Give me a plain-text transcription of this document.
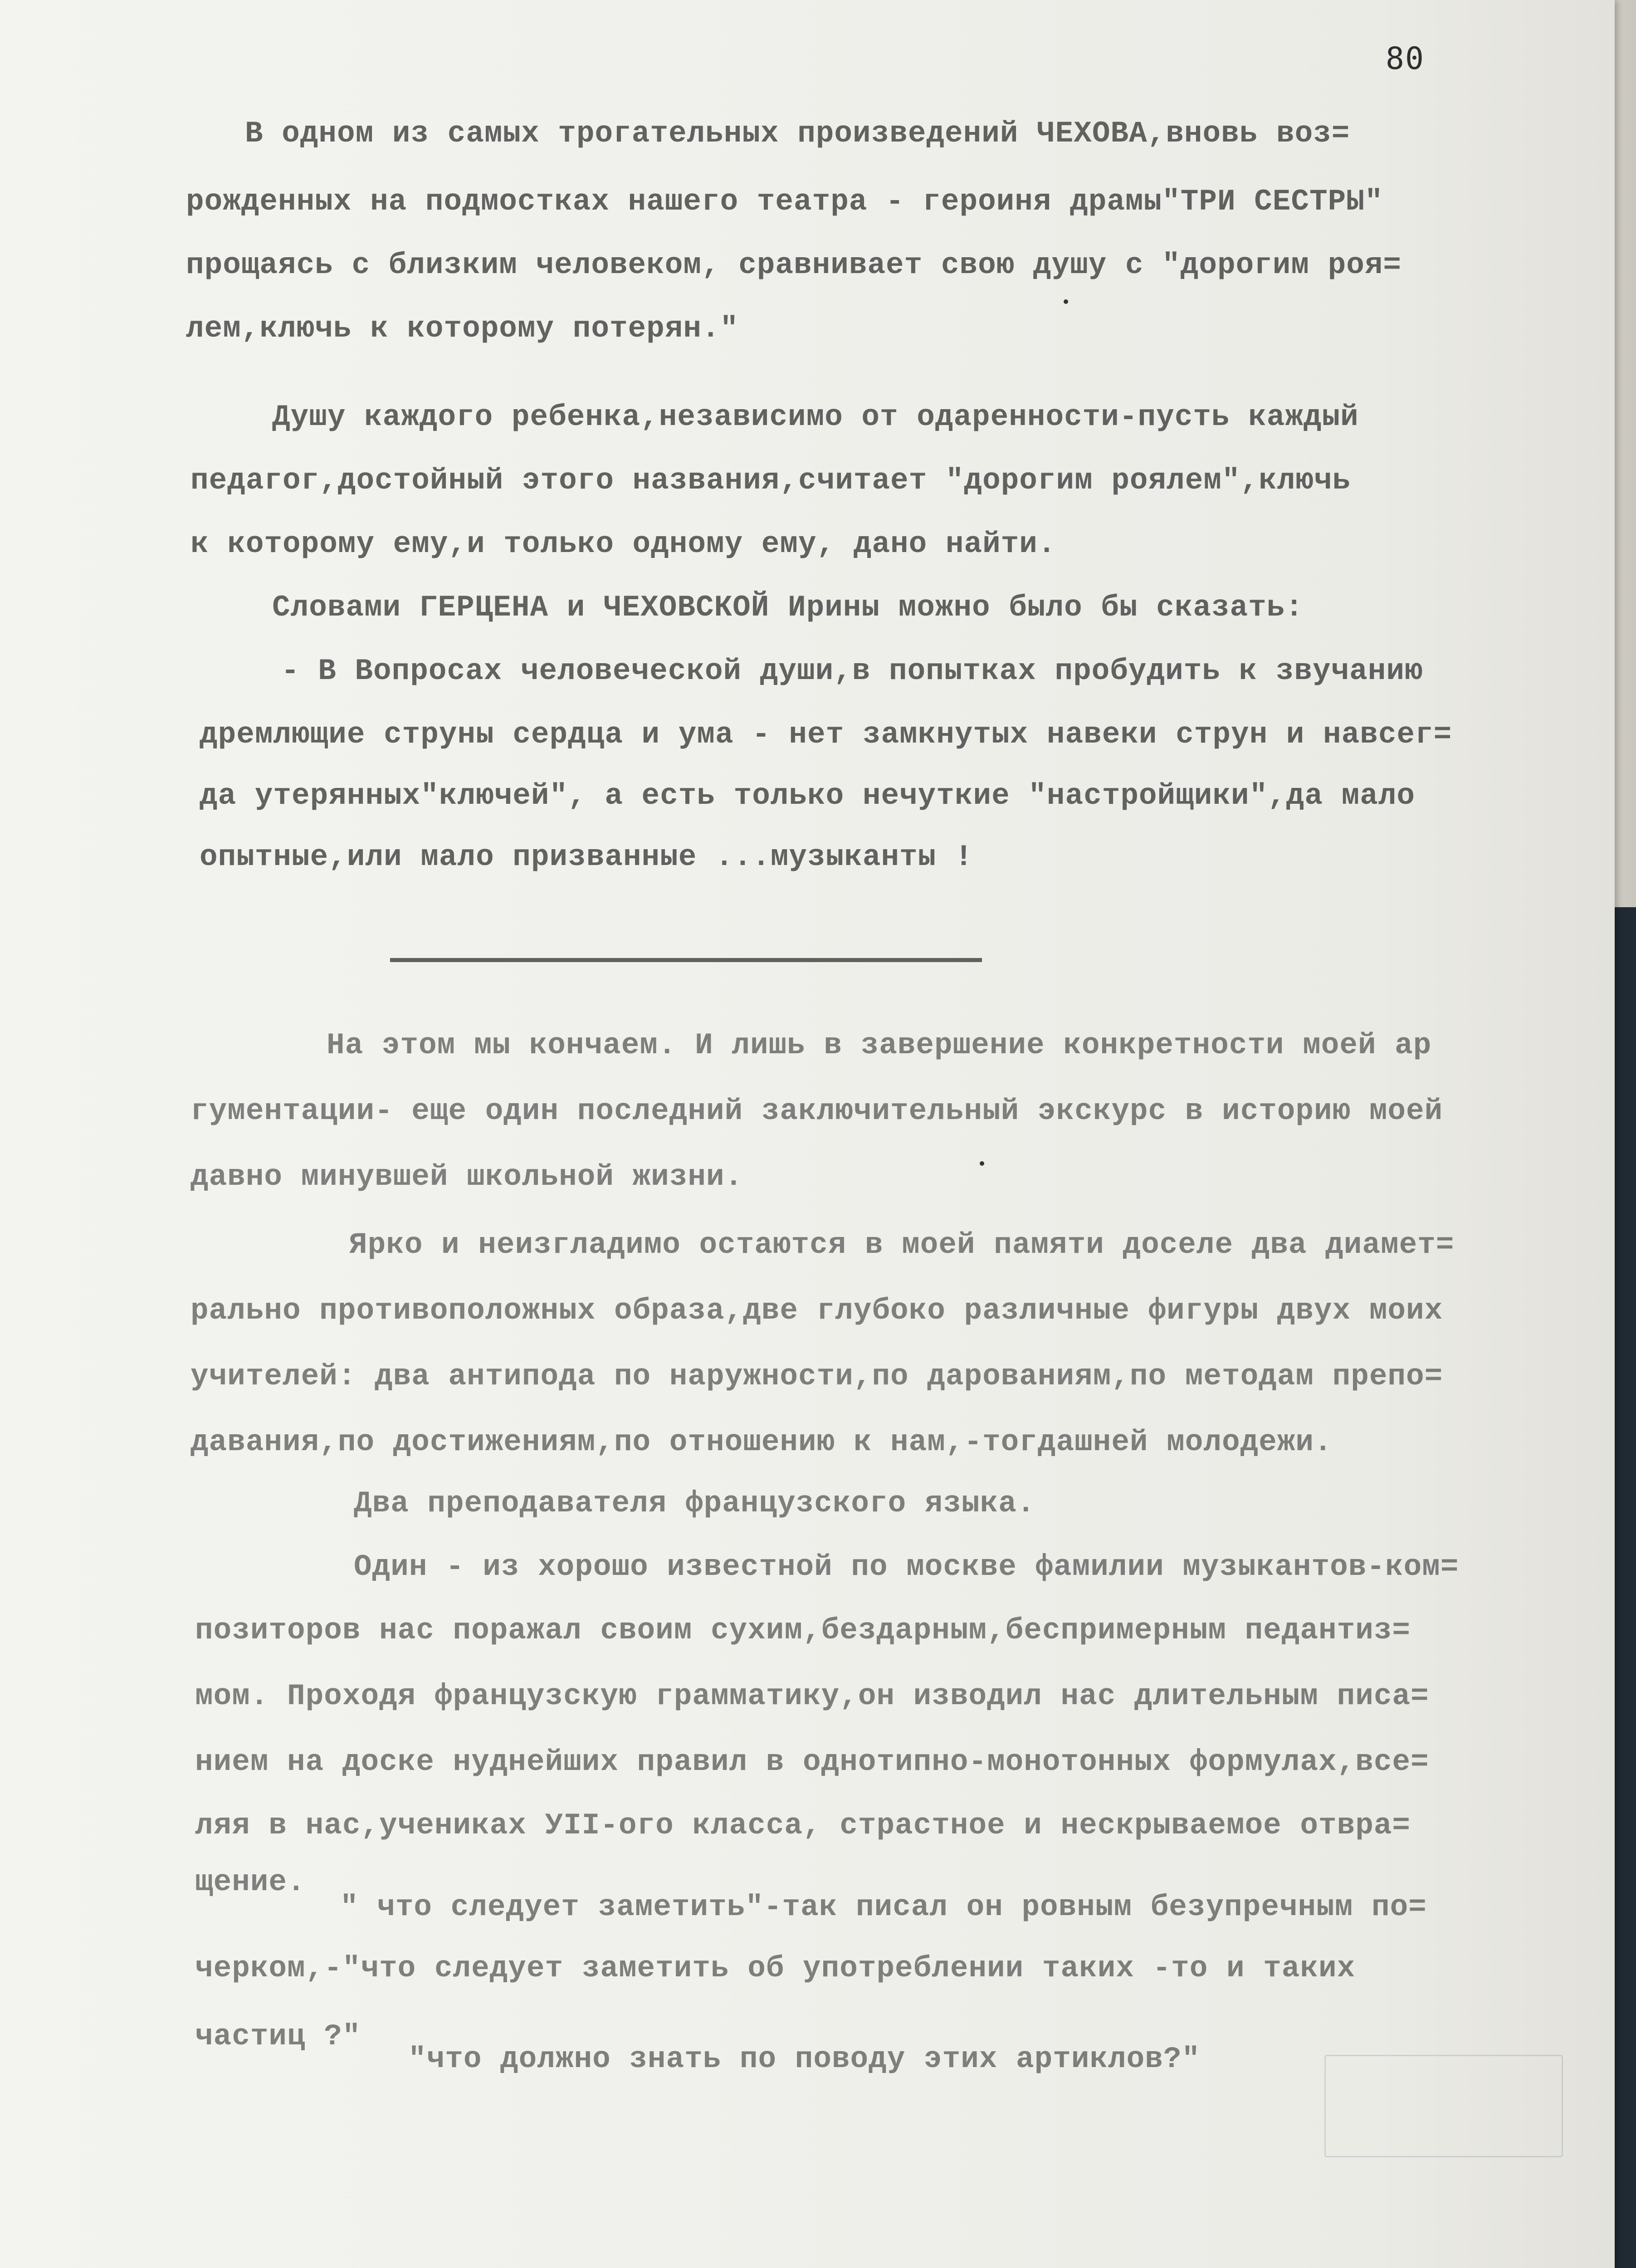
80
В одном из самых трогательных произведений ЧЕХОВА,вновь воз=
рожденных на подмостках нашего театра - героиня драмы"ТРИ СЕСТРЫ"
прощаясь с близким человеком, сравнивает свою душу с "дорогим роя=
лем,ключь к которому потерян."
Душу каждого ребенка,независимо от одаренности-пусть каждый
педагог,достойный этого названия,считает "дорогим роялем",ключь
к которому ему,и только одному ему, дано найти.
Словами ГЕРЦЕНА и ЧЕХОВСКОЙ Ирины можно было бы сказать:
- В Вопросах человеческой души,в попытках пробудить к звучанию
дремлющие струны сердца и ума - нет замкнутых навеки струн и навсег=
да утерянных"ключей", а есть только нечуткие "настройщики",да мало
опытные,или мало призванные ...музыканты !
На этом мы кончаем. И лишь в завершение конкретности моей ар
гументации- еще один последний заключительный экскурс в историю моей
давно минувшей школьной жизни.
Ярко и неизгладимо остаются в моей памяти доселе два диамет=
рально противоположных образа,две глубоко различные фигуры двух моих
учителей: два антипода по наружности,по дарованиям,по методам препо=
давания,по достижениям,по отношению к нам,-тогдашней молодежи.
Два преподавателя французского языка.
Один - из хорошо известной по москве фамилии музыкантов-ком=
позиторов нас поражал своим сухим,бездарным,беспримерным педантиз=
мом. Проходя французскую грамматику,он изводил нас длительным писа=
нием на доске нуднейших правил в однотипно-монотонных формулах,все=
ляя в нас,учениках УII-ого класса, страстное и нескрываемое отвра=
щение.
" что следует заметить"-так писал он ровным безупречным по=
черком,-"что следует заметить об употреблении таких -то и таких
частиц ?"
"что должно знать по поводу этих артиклов?"
